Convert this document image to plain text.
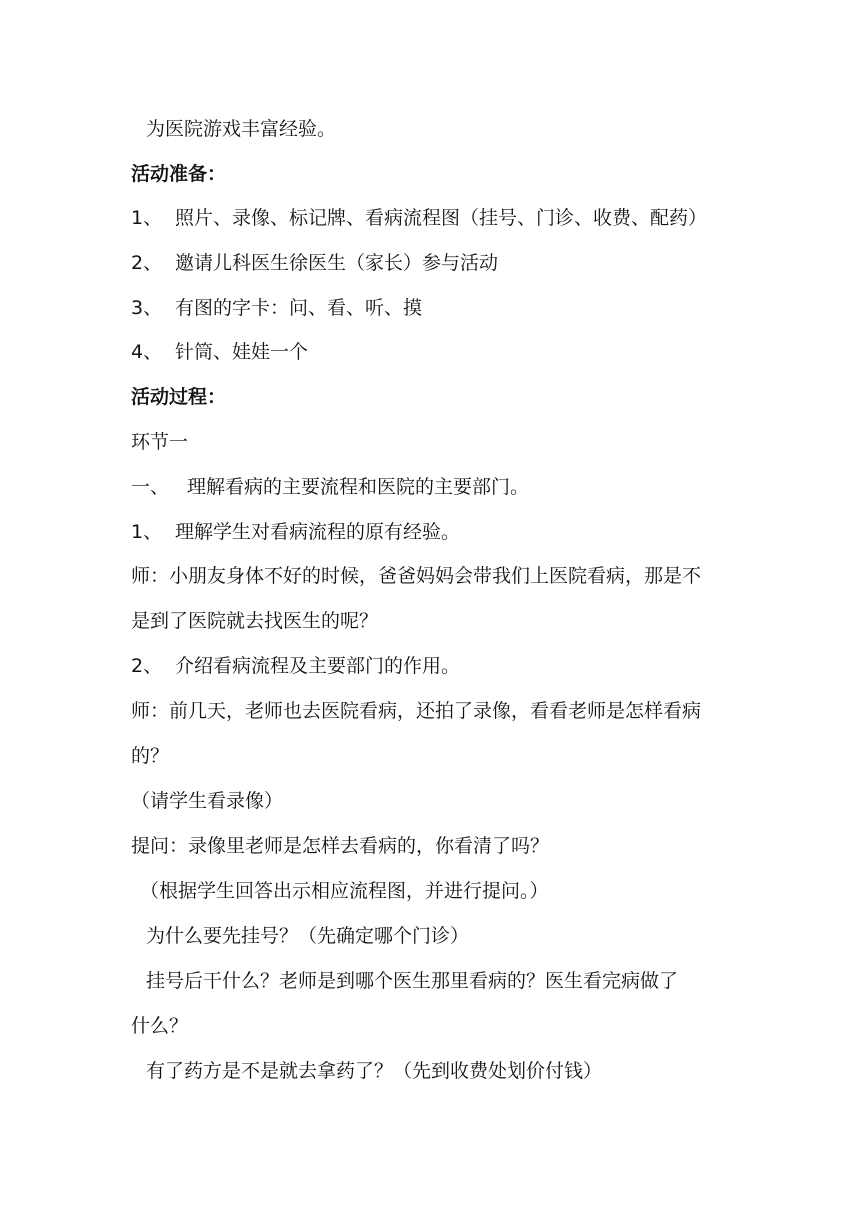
为医院游戏丰富经验。
活动准备：
1、 照片、录像、标记牌、看病流程图（挂号、门诊、收费、配药）
2、 邀请儿科医生徐医生（家长）参与活动
3、 有图的字卡：问、看、听、摸
4、 针筒、娃娃一个
活动过程：
环节一
一、 理解看病的主要流程和医院的主要部门。
1、 理解学生对看病流程的原有经验。
师：小朋友身体不好的时候，爸爸妈妈会带我们上医院看病，那是不
是到了医院就去找医生的呢？
2、 介绍看病流程及主要部门的作用。
师：前几天，老师也去医院看病，还拍了录像，看看老师是怎样看病
的？
（请学生看录像）
提问：录像里老师是怎样去看病的，你看清了吗？
（根据学生回答出示相应流程图，并进行提问。）
为什么要先挂号？（先确定哪个门诊）
挂号后干什么？老师是到哪个医生那里看病的？医生看完病做了
什么？
有了药方是不是就去拿药了？（先到收费处划价付钱）
